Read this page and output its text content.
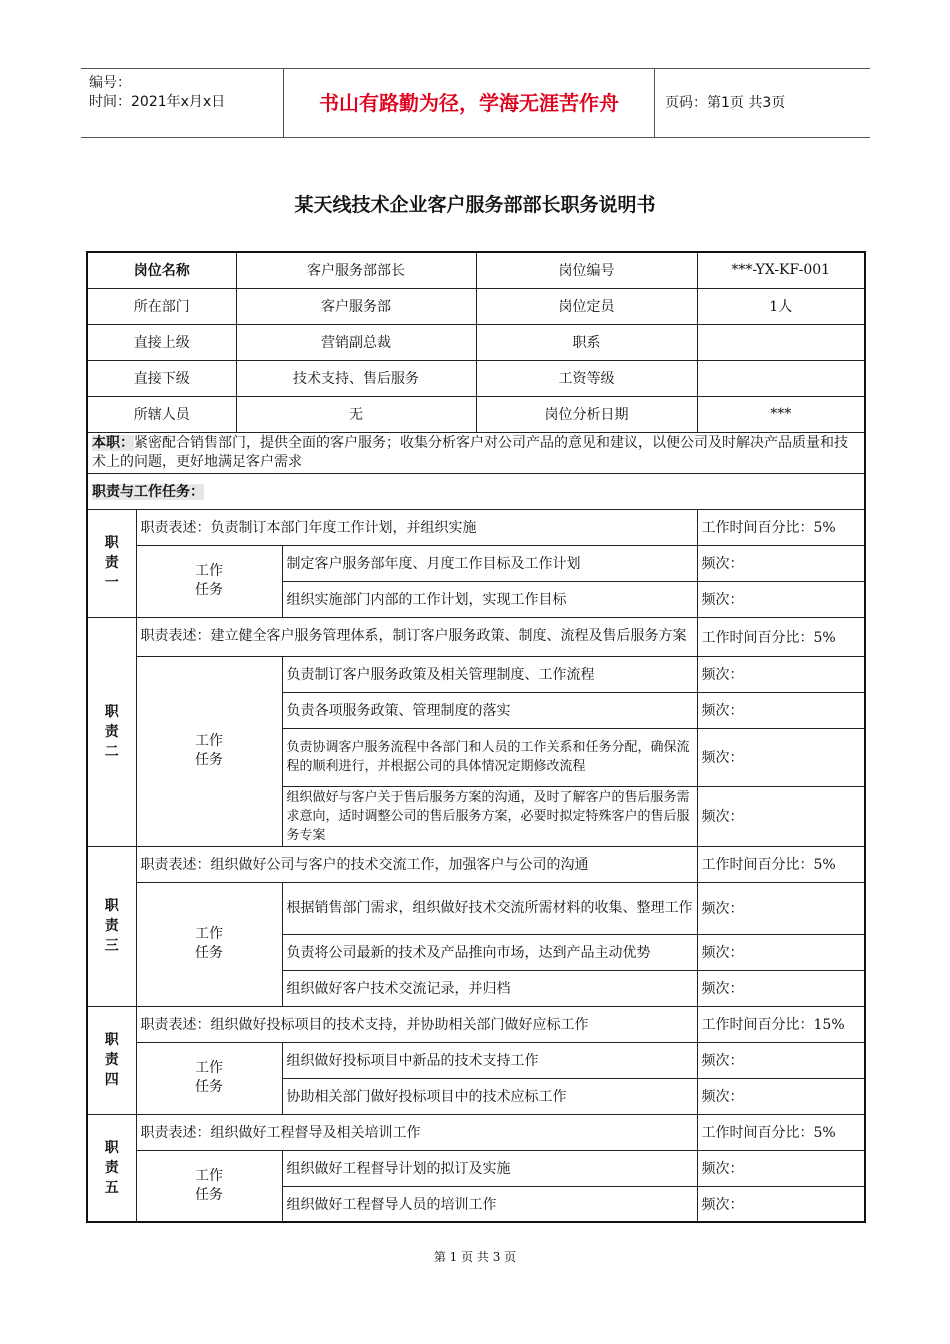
编号：
时间：2021年x月x日	书山有路勤为径，学海无涯苦作舟	页码：第1页 共3页
某天线技术企业客户服务部部长职务说明书
岗位名称		客户服务部部长		岗位编号	***-YX-KF-001
所在部门		客户服务部		岗位定员	1人
直接上级		营销副总裁		职系	
直接下级		技术支持、售后服务		工资等级	
所辖人员		无		岗位分析日期	***
本职：紧密配合销售部门，提供全面的客户服务；收集分析客户对公司产品的意见和建议，以便公司及时解决产品质量和技术上的问题，更好地满足客户需求					
职责与工作任务：					
职责一	职责表述：负责制订本部门年度工作计划，并组织实施				工作时间百分比：5%
	工作任务		制定客户服务部年度、月度工作目标及工作计划		频次：
			组织实施部门内部的工作计划，实现工作目标		频次：
职责二	职责表述：建立健全客户服务管理体系，制订客户服务政策、制度、流程及售后服务方案				工作时间百分比：5%
	工作任务		负责制订客户服务政策及相关管理制度、工作流程		频次：
			负责各项服务政策、管理制度的落实		频次：
			负责协调客户服务流程中各部门和人员的工作关系和任务分配，确保流程的顺利进行，并根据公司的具体情况定期修改流程		频次：
			组织做好与客户关于售后服务方案的沟通，及时了解客户的售后服务需求意向，适时调整公司的售后服务方案，必要时拟定特殊客户的售后服务专案		频次：
职责三	职责表述：组织做好公司与客户的技术交流工作，加强客户与公司的沟通				工作时间百分比：5%
	工作任务		根据销售部门需求，组织做好技术交流所需材料的收集、整理工作		频次：
			负责将公司最新的技术及产品推向市场，达到产品主动优势		频次：
			组织做好客户技术交流记录，并归档		频次：
职责四	职责表述：组织做好投标项目的技术支持，并协助相关部门做好应标工作				工作时间百分比：15%
	工作任务		组织做好投标项目中新品的技术支持工作		频次：
			协助相关部门做好投标项目中的技术应标工作		频次：
职责五	职责表述：组织做好工程督导及相关培训工作				工作时间百分比：5%
	工作任务		组织做好工程督导计划的拟订及实施		频次：
			组织做好工程督导人员的培训工作		频次：
第 1 页 共 3 页
